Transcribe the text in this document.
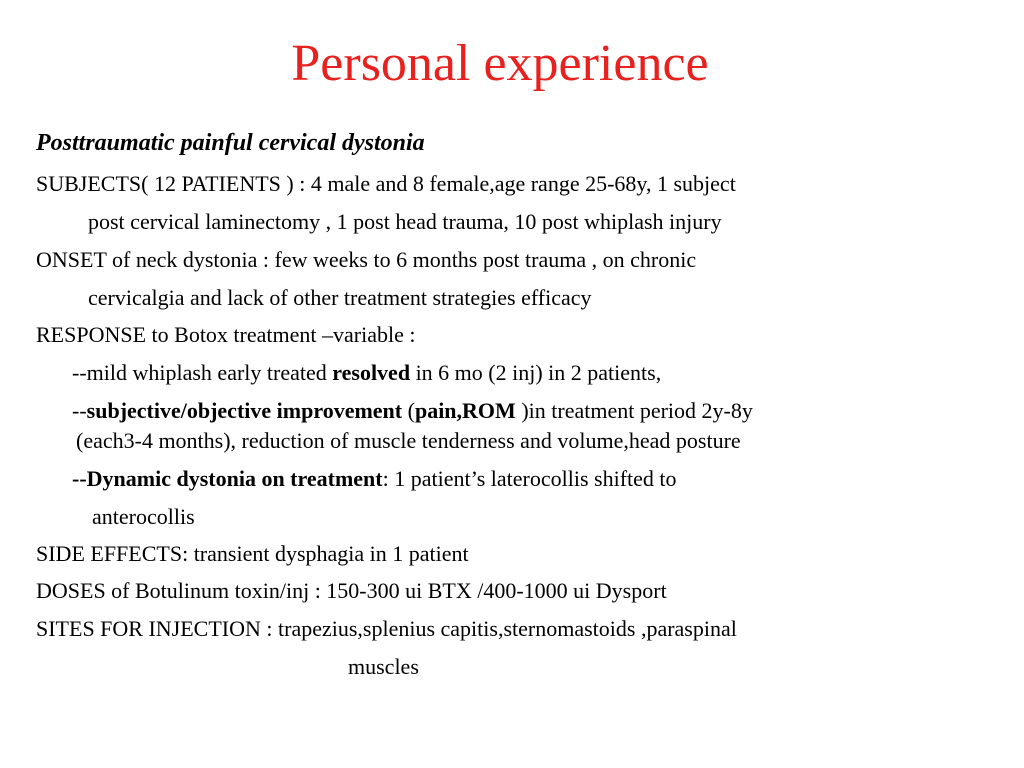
Personal experience
Posttraumatic painful cervical dystonia
SUBJECTS( 12 PATIENTS ) : 4 male and 8 female,age range 25-68y, 1 subject
post cervical laminectomy , 1 post head trauma, 10 post whiplash injury
ONSET of neck dystonia : few weeks to 6 months post trauma , on chronic
cervicalgia and lack of other treatment strategies efficacy
RESPONSE to Botox treatment –variable :
--mild whiplash early treated resolved in 6 mo (2 inj) in 2 patients,
--subjective/objective improvement (pain,ROM )in treatment period 2y-8y
(each3-4 months), reduction of muscle tenderness and volume,head posture
--Dynamic dystonia on treatment: 1 patient’s laterocollis shifted to
anterocollis
SIDE EFFECTS: transient dysphagia in 1 patient
DOSES of Botulinum toxin/inj : 150-300 ui BTX /400-1000 ui Dysport
SITES FOR INJECTION : trapezius,splenius capitis,sternomastoids ,paraspinal
muscles
